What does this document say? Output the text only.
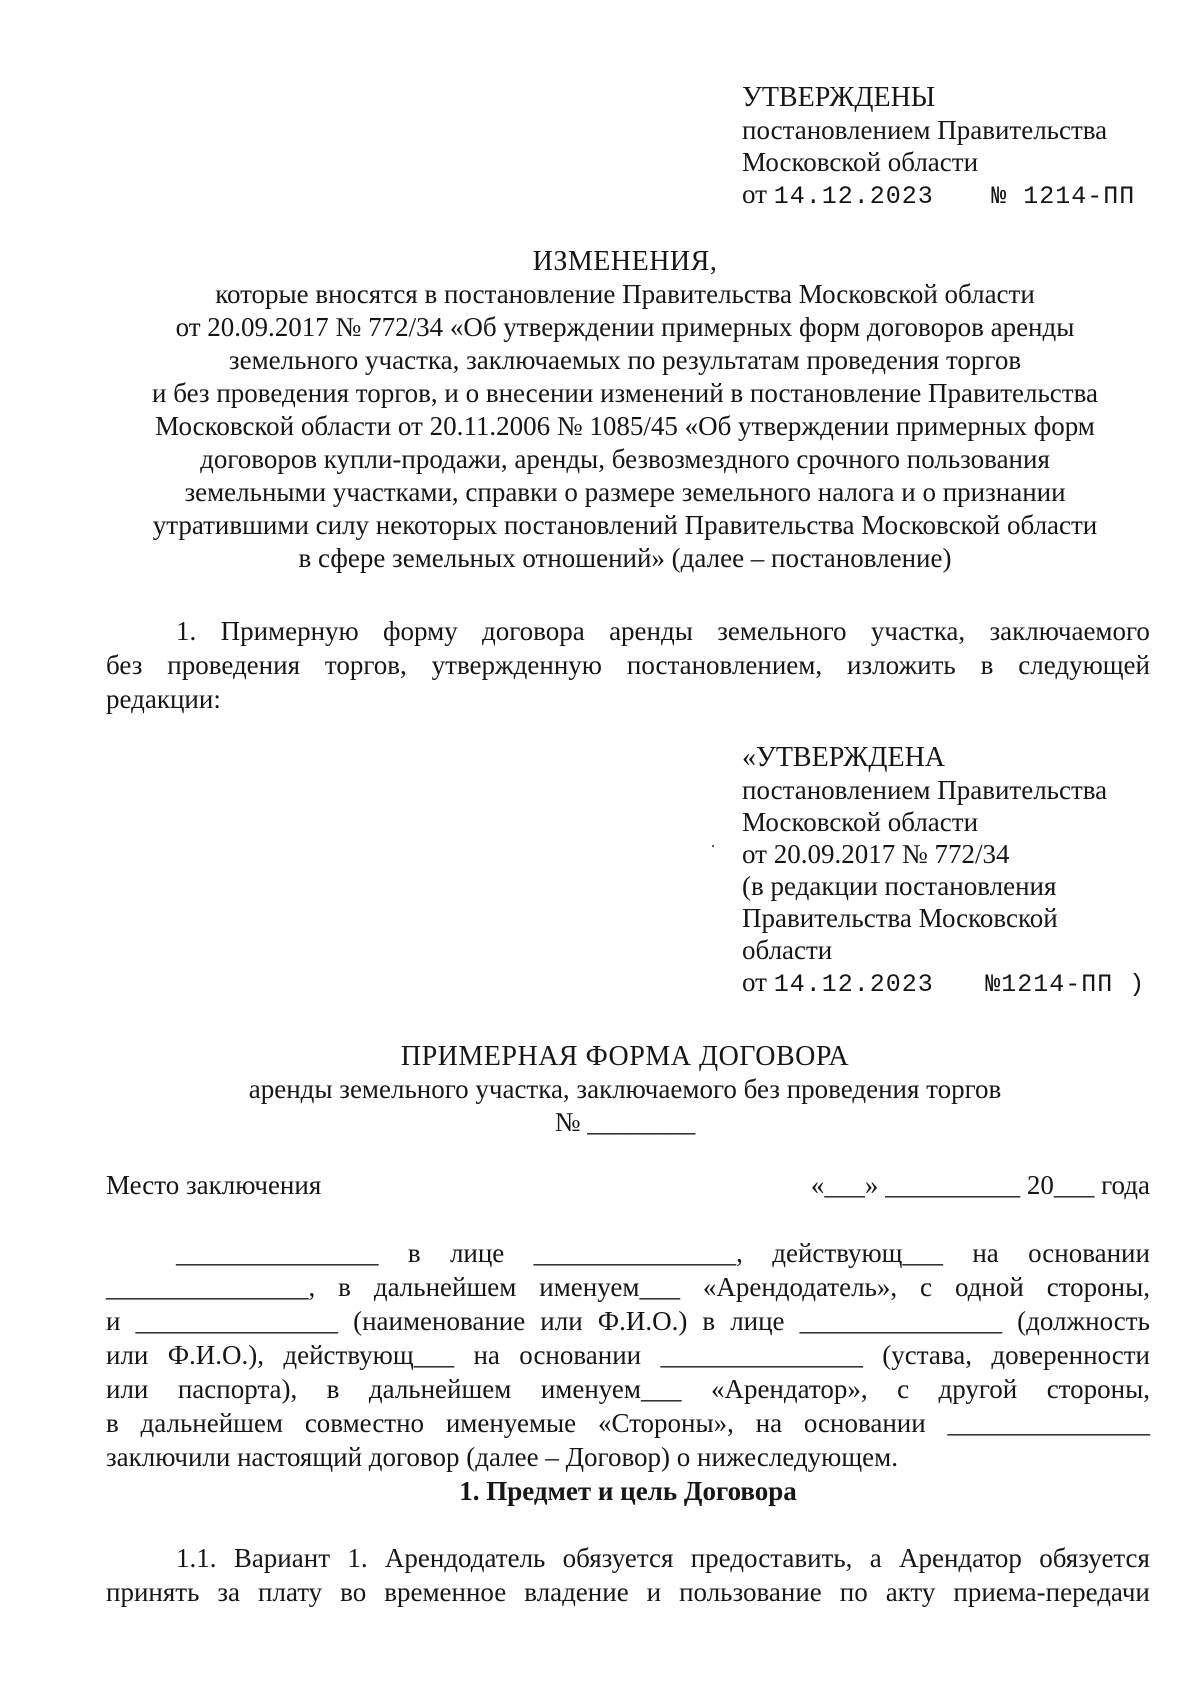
УТВЕРЖДЕНЫ
постановлением Правительства
Московской области
от 14.12.2023 № 1214-ПП
ИЗМЕНЕНИЯ,
которые вносятся в постановление Правительства Московской области
от 20.09.2017 № 772/34 «Об утверждении примерных форм договоров аренды
земельного участка, заключаемых по результатам проведения торгов
и без проведения торгов, и о внесении изменений в постановление Правительства
Московской области от 20.11.2006 № 1085/45 «Об утверждении примерных форм
договоров купли-продажи, аренды, безвозмездного срочного пользования
земельными участками, справки о размере земельного налога и о признании
утратившими силу некоторых постановлений Правительства Московской области
в сфере земельных отношений» (далее – постановление)
1. Примерную форму договора аренды земельного участка, заключаемого
без проведения торгов, утвержденную постановлением, изложить в следующей
редакции:
«УТВЕРЖДЕНА
постановлением Правительства
Московской области
от 20.09.2017 № 772/34
(в редакции постановления
Правительства Московской
области
от 14.12.2023 №1214-ПП )
ПРИМЕРНАЯ ФОРМА ДОГОВОРА
аренды земельного участка, заключаемого без проведения торгов
№ ________
Место заключения	«___» __________ 20___ года
_______________ в лице _______________, действующ___ на основании
_______________, в дальнейшем именуем___ «Арендодатель», с одной стороны,
и _______________ (наименование или Ф.И.О.) в лице _______________ (должность
или Ф.И.О.), действующ___ на основании _______________ (устава, доверенности
или паспорта), в дальнейшем именуем___ «Арендатор», с другой стороны,
в дальнейшем совместно именуемые «Стороны», на основании _______________
заключили настоящий договор (далее – Договор) о нижеследующем.
1. Предмет и цель Договора
1.1. Вариант 1. Арендодатель обязуется предоставить, а Арендатор обязуется
принять за плату во временное владение и пользование по акту приема-передачи
